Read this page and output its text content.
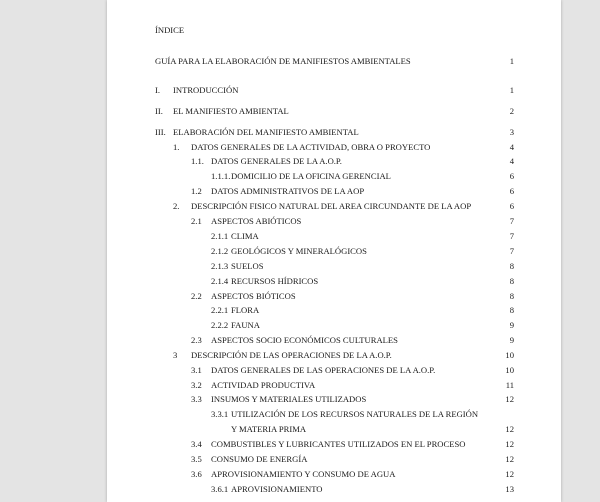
ÍNDICE
GUÍA PARA LA ELABORACIÓN DE MANIFIESTOS AMBIENTALES	1
I. INTRODUCCIÓN	1
II. EL MANIFIESTO AMBIENTAL	2
III. ELABORACIÓN DEL MANIFIESTO AMBIENTAL	3
1. DATOS GENERALES DE LA ACTIVIDAD, OBRA O PROYECTO	4
1.1. DATOS GENERALES DE LA A.O.P.	4
1.1.1. DOMICILIO DE LA OFICINA GERENCIAL	6
1.2 DATOS ADMINISTRATIVOS DE LA AOP	6
2. DESCRIPCIÓN FISICO NATURAL DEL AREA CIRCUNDANTE DE LA AOP	6
2.1 ASPECTOS ABIÓTICOS	7
2.1.1 CLIMA	7
2.1.2 GEOLÓGICOS Y MINERALÓGICOS	7
2.1.3 SUELOS	8
2.1.4 RECURSOS HÍDRICOS	8
2.2 ASPECTOS BIÓTICOS	8
2.2.1 FLORA	8
2.2.2 FAUNA	9
2.3 ASPECTOS SOCIO ECONÓMICOS CULTURALES	9
3 DESCRIPCIÓN DE LAS OPERACIONES DE LA A.O.P.	10
3.1 DATOS GENERALES DE LAS OPERACIONES DE LA A.O.P.	10
3.2 ACTIVIDAD PRODUCTIVA	11
3.3 INSUMOS Y MATERIALES UTILIZADOS	12
3.3.1 UTILIZACIÓN DE LOS RECURSOS NATURALES DE LA REGIÓN
Y MATERIA PRIMA	12
3.4 COMBUSTIBLES Y LUBRICANTES UTILIZADOS EN EL PROCESO	12
3.5 CONSUMO DE ENERGÍA	12
3.6 APROVISIONAMIENTO Y CONSUMO DE AGUA	12
3.6.1 APROVISIONAMIENTO	13
